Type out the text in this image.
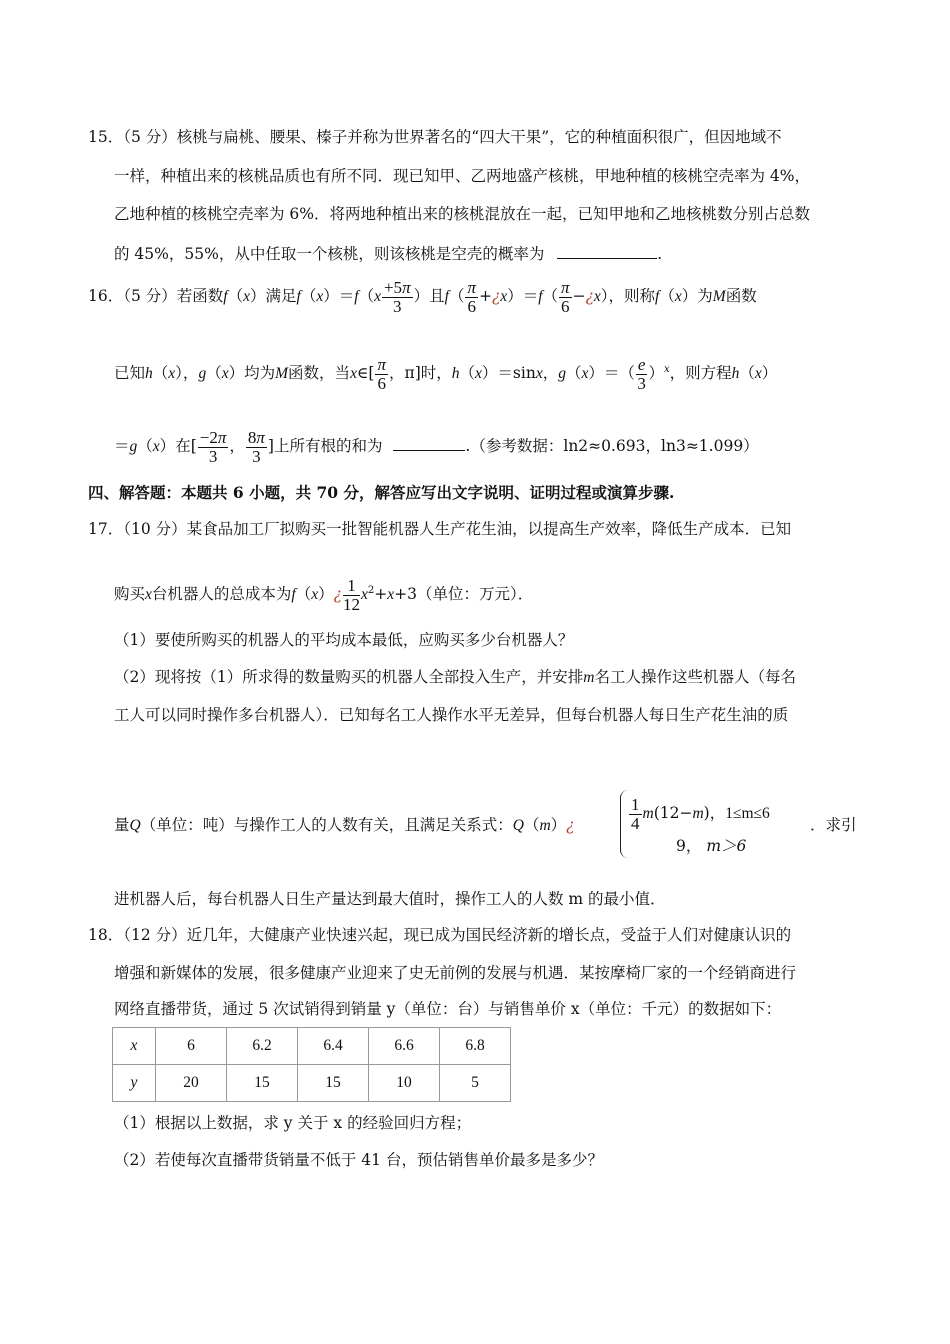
15．（5 分）核桃与扁桃、腰果、榛子并称为世界著名的“四大干果”，它的种植面积很广，但因地域不
一样，种植出来的核桃品质也有所不同．现已知甲、乙两地盛产核桃，甲地种植的核桃空壳率为 4%，
乙地种植的核桃空壳率为 6%．将两地种植出来的核桃混放在一起，已知甲地和乙地核桃数分别占总数
的 45%，55%，从中任取一个核桃，则该核桃是空壳的概率为	.
16．（5 分）若函数f（x）满足$f(x)=f(x \frac{+5\pi}{3}$ ）且$f( \frac{\pi}{6}$ +¿x）＝f（ $\frac{\pi}{6}$ −¿x），则称f（x）为M函数
已知h（x），g（x）均为M函数，当x∈[ $\frac{\pi}{6}$ ，π]时，h（x）＝sinx，$g(x)=( \frac{e}{3} )^x$，则方程h（x）
＝g（x）在[ $\frac{-2\pi}{3}$ ， $\frac{8\pi}{3}$ ]上所有根的和为	.（参考数据：ln2≈0.693，ln3≈1.099）
四、解答题：本题共 6 小题，共 70 分，解答应写出文字说明、证明过程或演算步骤.
17．（10 分）某食品加工厂拟购买一批智能机器人生产花生油，以提高生产效率，降低生产成本．已知
购买x台机器人的总成本为f（x）¿ $\frac{1}{12} x^2+x+3$（单位：万元）．
（1）要使所购买的机器人的平均成本最低，应购买多少台机器人？
（2）现将按（1）所求得的数量购买的机器人全部投入生产，并安排m名工人操作这些机器人（每名
工人可以同时操作多台机器人）．已知每名工人操作水平无差异，但每台机器人每日生产花生油的质
量Q（单位：吨）与操作工人的人数有关，且满足关系式：Q（m）¿	$\frac{1}{4} m(12-m)$，1≤m≤6
9， m＞6
．求引
进机器人后，每台机器人日生产量达到最大值时，操作工人的人数 m 的最小值．
18．（12 分）近几年，大健康产业快速兴起，现已成为国民经济新的增长点，受益于人们对健康认识的
增强和新媒体的发展，很多健康产业迎来了史无前例的发展与机遇．某按摩椅厂家的一个经销商进行
网络直播带货，通过 5 次试销得到销量 y（单位：台）与销售单价 x（单位：千元）的数据如下：
x	6	6.2	6.4	6.6	6.8
y	20	15	15	10	5
（1）根据以上数据，求 y 关于 x 的经验回归方程；
（2）若使每次直播带货销量不低于 41 台，预估销售单价最多是多少？
